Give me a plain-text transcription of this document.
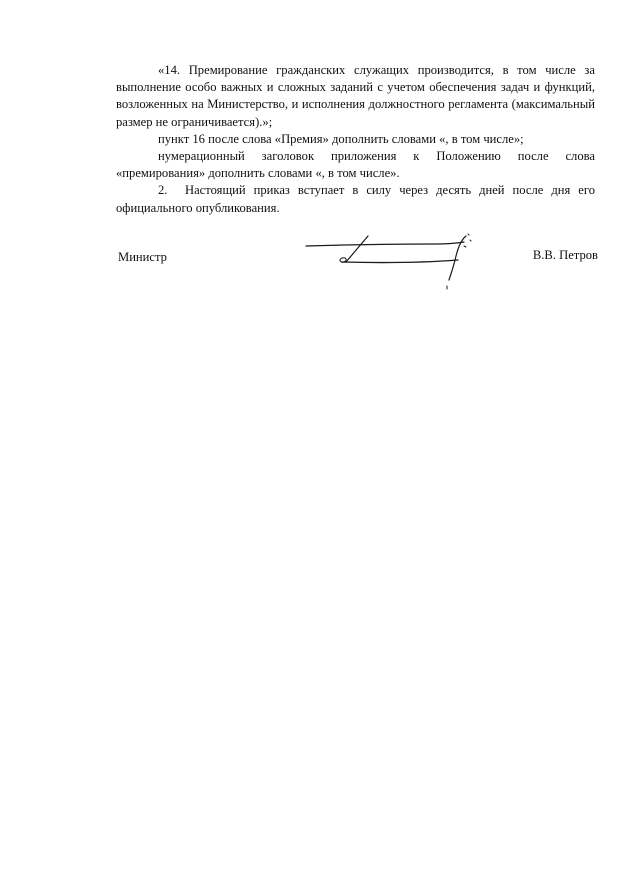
«14. Премирование гражданских служащих производится, в том числе за выполнение особо важных и сложных заданий с учетом обеспечения задач и функций, возложенных на Министерство, и исполнения должностного регламента (максимальный размер не ограничивается).»;

пункт 16 после слова «Премия» дополнить словами «, в том числе»;

нумерационный заголовок приложения к Положению после слова «премирования» дополнить словами «, в том числе».

2. Настоящий приказ вступает в силу через десять дней после дня его официального опубликования.

Министр	В.В. Петров
